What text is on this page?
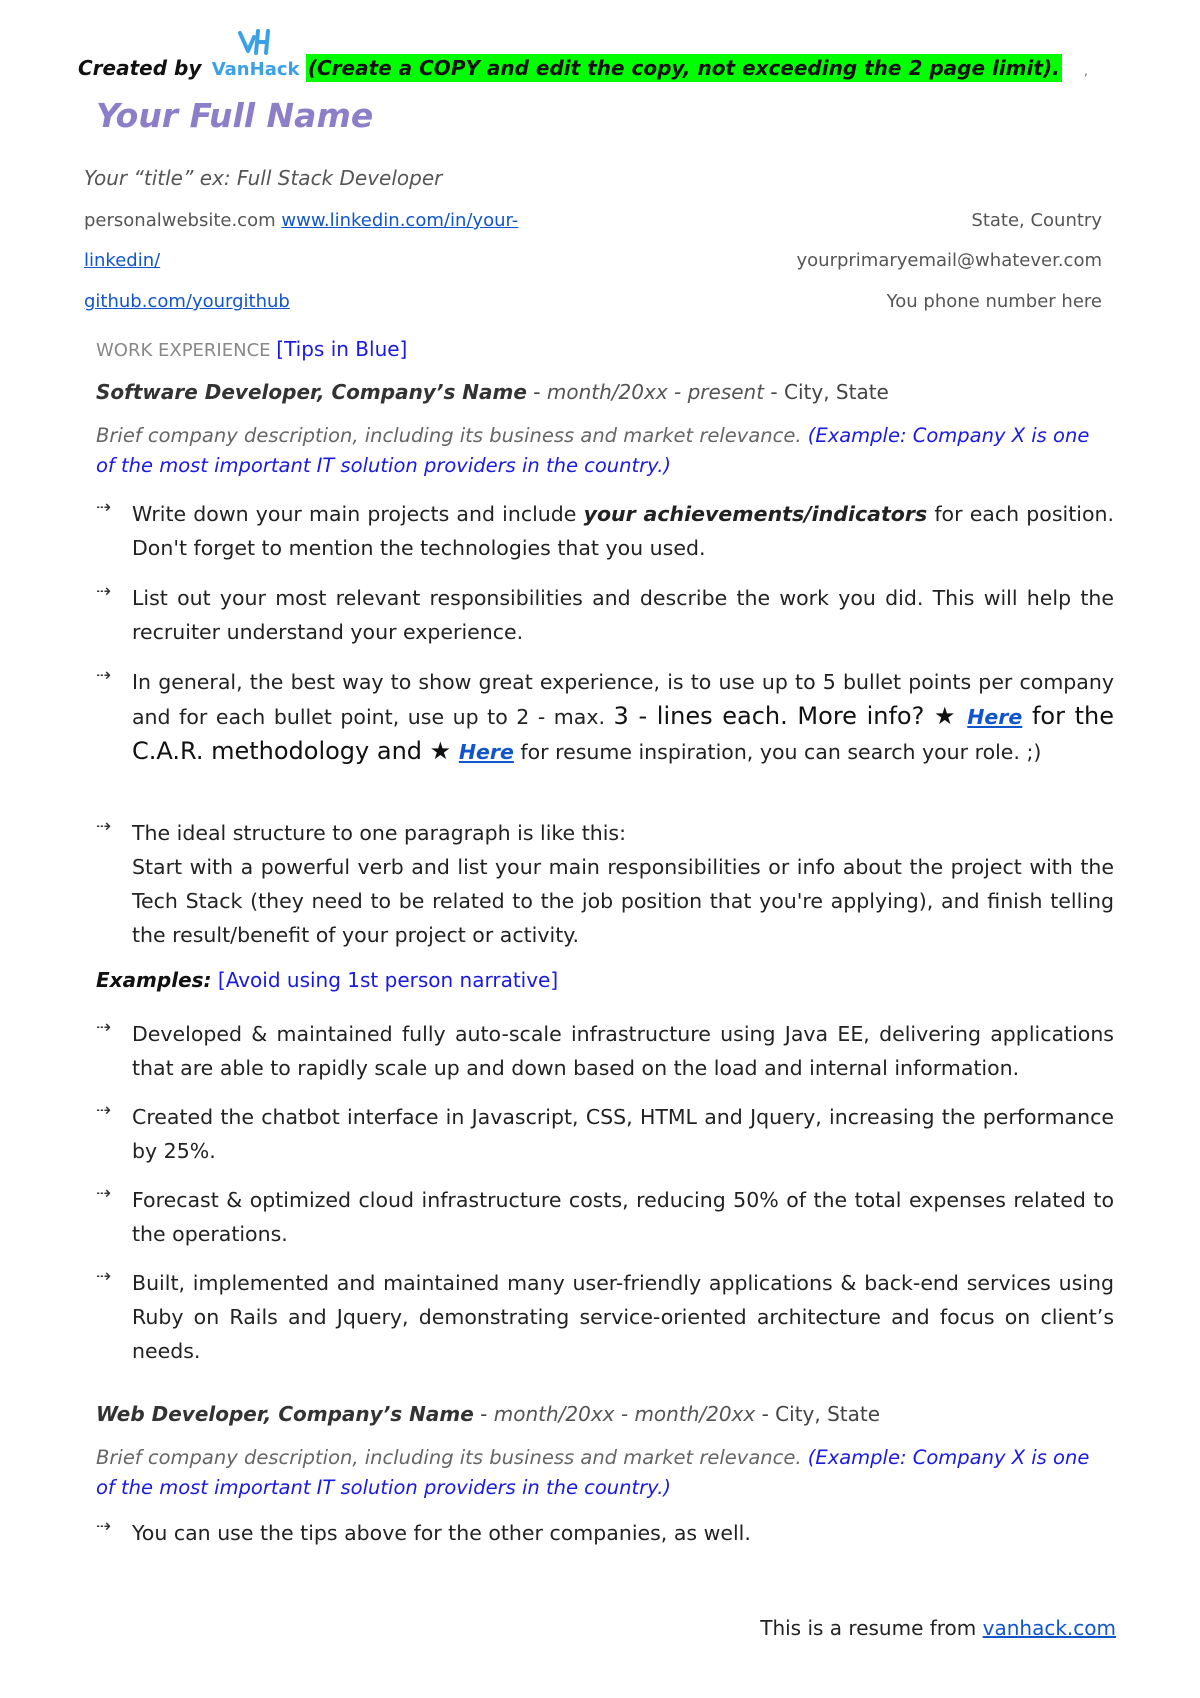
Created by VanHack (Create a COPY and edit the copy, not exceeding the 2 page limit). ,
Your Full Name
Your “title” ex: Full Stack Developer
personalwebsite.com www.linkedin.com/in/your-
linkedin/
github.com/yourgithub
State, Country
yourprimaryemail@whatever.com
You phone number here
WORK EXPERIENCE [Tips in Blue]
Software Developer, Company’s Name - month/20xx - present - City, State
Brief company description, including its business and market relevance. (Example: Company X is one of the most important IT solution providers in the country.)
⇢ Write down your main projects and include your achievements/indicators for each position. Don't forget to mention the technologies that you used.
⇢ List out your most relevant responsibilities and describe the work you did. This will help the recruiter understand your experience.
⇢ In general, the best way to show great experience, is to use up to 5 bullet points per company and for each bullet point, use up to 2 - max. 3 - lines each. More info? ★ Here for the C.A.R. methodology and ★ Here for resume inspiration, you can search your role. ;)
⇢ The ideal structure to one paragraph is like this:
Start with a powerful verb and list your main responsibilities or info about the project with the Tech Stack (they need to be related to the job position that you're applying), and finish telling the result/benefit of your project or activity.
Examples: [Avoid using 1st person narrative]
⇢ Developed & maintained fully auto-scale infrastructure using Java EE, delivering applications that are able to rapidly scale up and down based on the load and internal information.
⇢ Created the chatbot interface in Javascript, CSS, HTML and Jquery, increasing the performance by 25%.
⇢ Forecast & optimized cloud infrastructure costs, reducing 50% of the total expenses related to the operations.
⇢ Built, implemented and maintained many user-friendly applications & back-end services using Ruby on Rails and Jquery, demonstrating service-oriented architecture and focus on client’s needs.
Web Developer, Company’s Name - month/20xx - month/20xx - City, State
Brief company description, including its business and market relevance. (Example: Company X is one of the most important IT solution providers in the country.)
⇢ You can use the tips above for the other companies, as well.
This is a resume from vanhack.com
